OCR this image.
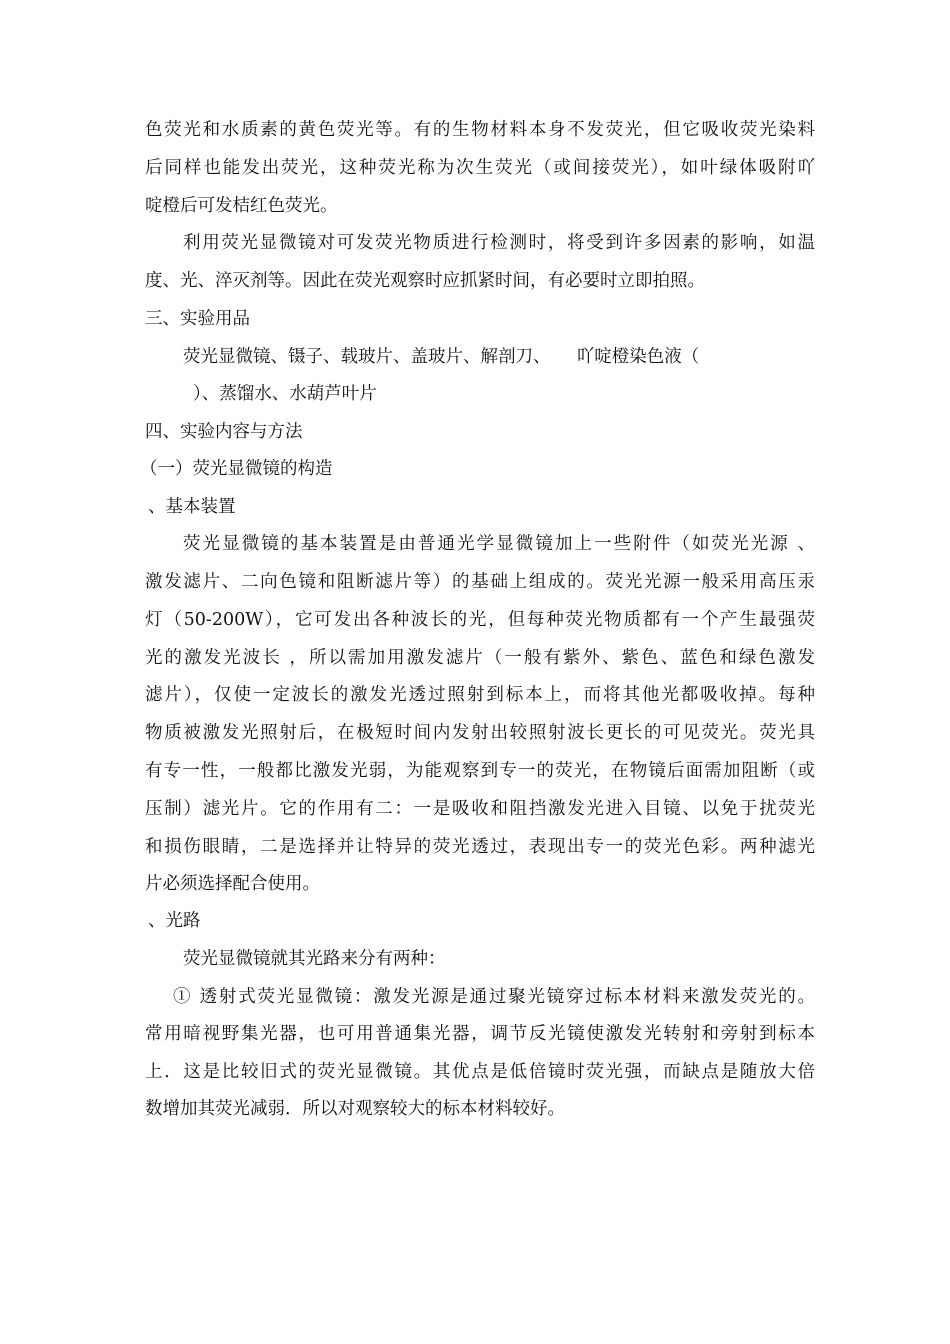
色荧光和水质素的黄色荧光等。有的生物材料本身不发荧光，但它吸收荧光染料
后同样也能发出荧光，这种荧光称为次生荧光（或间接荧光），如叶绿体吸附吖
啶橙后可发桔红色荧光。
利用荧光显微镜对可发荧光物质进行检测时，将受到许多因素的影响，如温
度、光、淬灭剂等。因此在荧光观察时应抓紧时间，有必要时立即拍照。
三、实验用品
荧光显微镜、镊子、载玻片、盖玻片、解剖刀、　　吖啶橙染色液（
）、蒸馏水、水葫芦叶片
四、实验内容与方法
（一）荧光显微镜的构造
、基本装置
荧光显微镜的基本装置是由普通光学显微镜加上一些附件（如荧光光源 、
激发滤片、二向色镜和阻断滤片等）的基础上组成的。荧光光源一般采用高压汞
灯（50-200W），它可发出各种波长的光，但每种荧光物质都有一个产生最强荧
光的激发光波长 ，所以需加用激发滤片（一般有紫外、紫色、蓝色和绿色激发
滤片），仅使一定波长的激发光透过照射到标本上，而将其他光都吸收掉。每种
物质被激发光照射后，在极短时间内发射出较照射波长更长的可见荧光。荧光具
有专一性，一般都比激发光弱，为能观察到专一的荧光，在物镜后面需加阻断（或
压制）滤光片。它的作用有二：一是吸收和阻挡激发光进入目镜、以免于扰荧光
和损伤眼睛，二是选择并让特异的荧光透过，表现出专一的荧光色彩。两种滤光
片必须选择配合使用。
、光路
荧光显微镜就其光路来分有两种：
① 透射式荧光显微镜：激发光源是通过聚光镜穿过标本材料来激发荧光的。
常用暗视野集光器，也可用普通集光器，调节反光镜使激发光转射和旁射到标本
上．这是比较旧式的荧光显微镜。其优点是低倍镜时荧光强，而缺点是随放大倍
数增加其荧光减弱．所以对观察较大的标本材料较好。
